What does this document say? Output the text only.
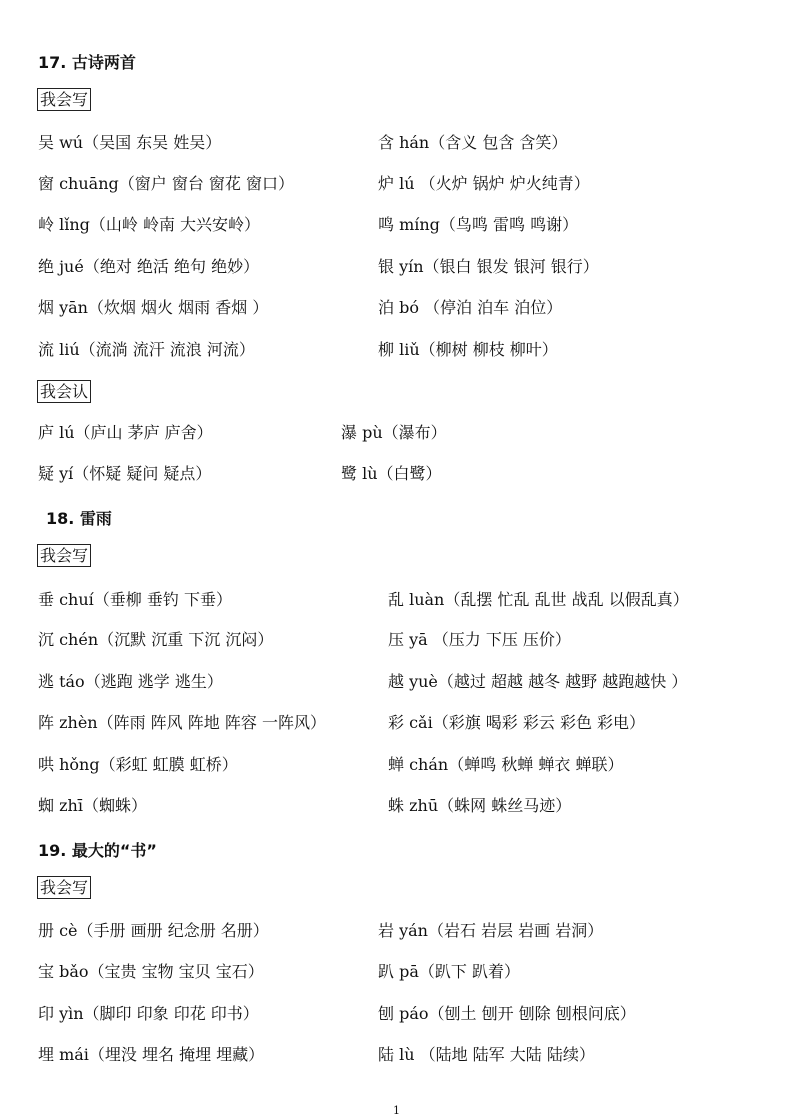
17. 古诗两首
我会写
吴 wú（吴国 东吴 姓吴）	含 hán（含义 包含 含笑）
窗 chuāng（窗户 窗台 窗花 窗口）	炉 lú （火炉 锅炉 炉火纯青）
岭 lǐng（山岭 岭南 大兴安岭）	鸣 míng（鸟鸣 雷鸣 鸣谢）
绝 jué（绝对 绝活 绝句 绝妙）	银 yín（银白 银发 银河 银行）
烟 yān（炊烟 烟火 烟雨 香烟 ）	泊 bó （停泊 泊车 泊位）
流 liú（流淌 流汗 流浪 河流）	柳 liǔ（柳树 柳枝 柳叶）
我会认
庐 lú（庐山 茅庐 庐舍）	瀑 pù（瀑布）
疑 yí（怀疑 疑问 疑点）	鹭 lù（白鹭）
18. 雷雨
我会写
垂 chuí（垂柳 垂钓 下垂）	乱 luàn（乱摆 忙乱 乱世 战乱 以假乱真）
沉 chén（沉默 沉重 下沉 沉闷）	压 yā （压力 下压 压价）
逃 táo（逃跑 逃学 逃生）	越 yuè（越过 超越 越冬 越野 越跑越快 ）
阵 zhèn（阵雨 阵风 阵地 阵容 一阵风）	彩 cǎi（彩旗 喝彩 彩云 彩色 彩电）
哄 hǒng（彩虹 虹膜 虹桥）	蝉 chán（蝉鸣 秋蝉 蝉衣 蝉联）
蜘 zhī（蜘蛛）	蛛 zhū（蛛网 蛛丝马迹）
19. 最大的“书”
我会写
册 cè（手册 画册 纪念册 名册）	岩 yán（岩石 岩层 岩画 岩洞）
宝 bǎo（宝贵 宝物 宝贝 宝石）	趴 pā（趴下 趴着）
印 yìn（脚印 印象 印花 印书）	刨 páo（刨土 刨开 刨除 刨根问底）
埋 mái（埋没 埋名 掩埋 埋藏）	陆 lù （陆地 陆军 大陆 陆续）
1
